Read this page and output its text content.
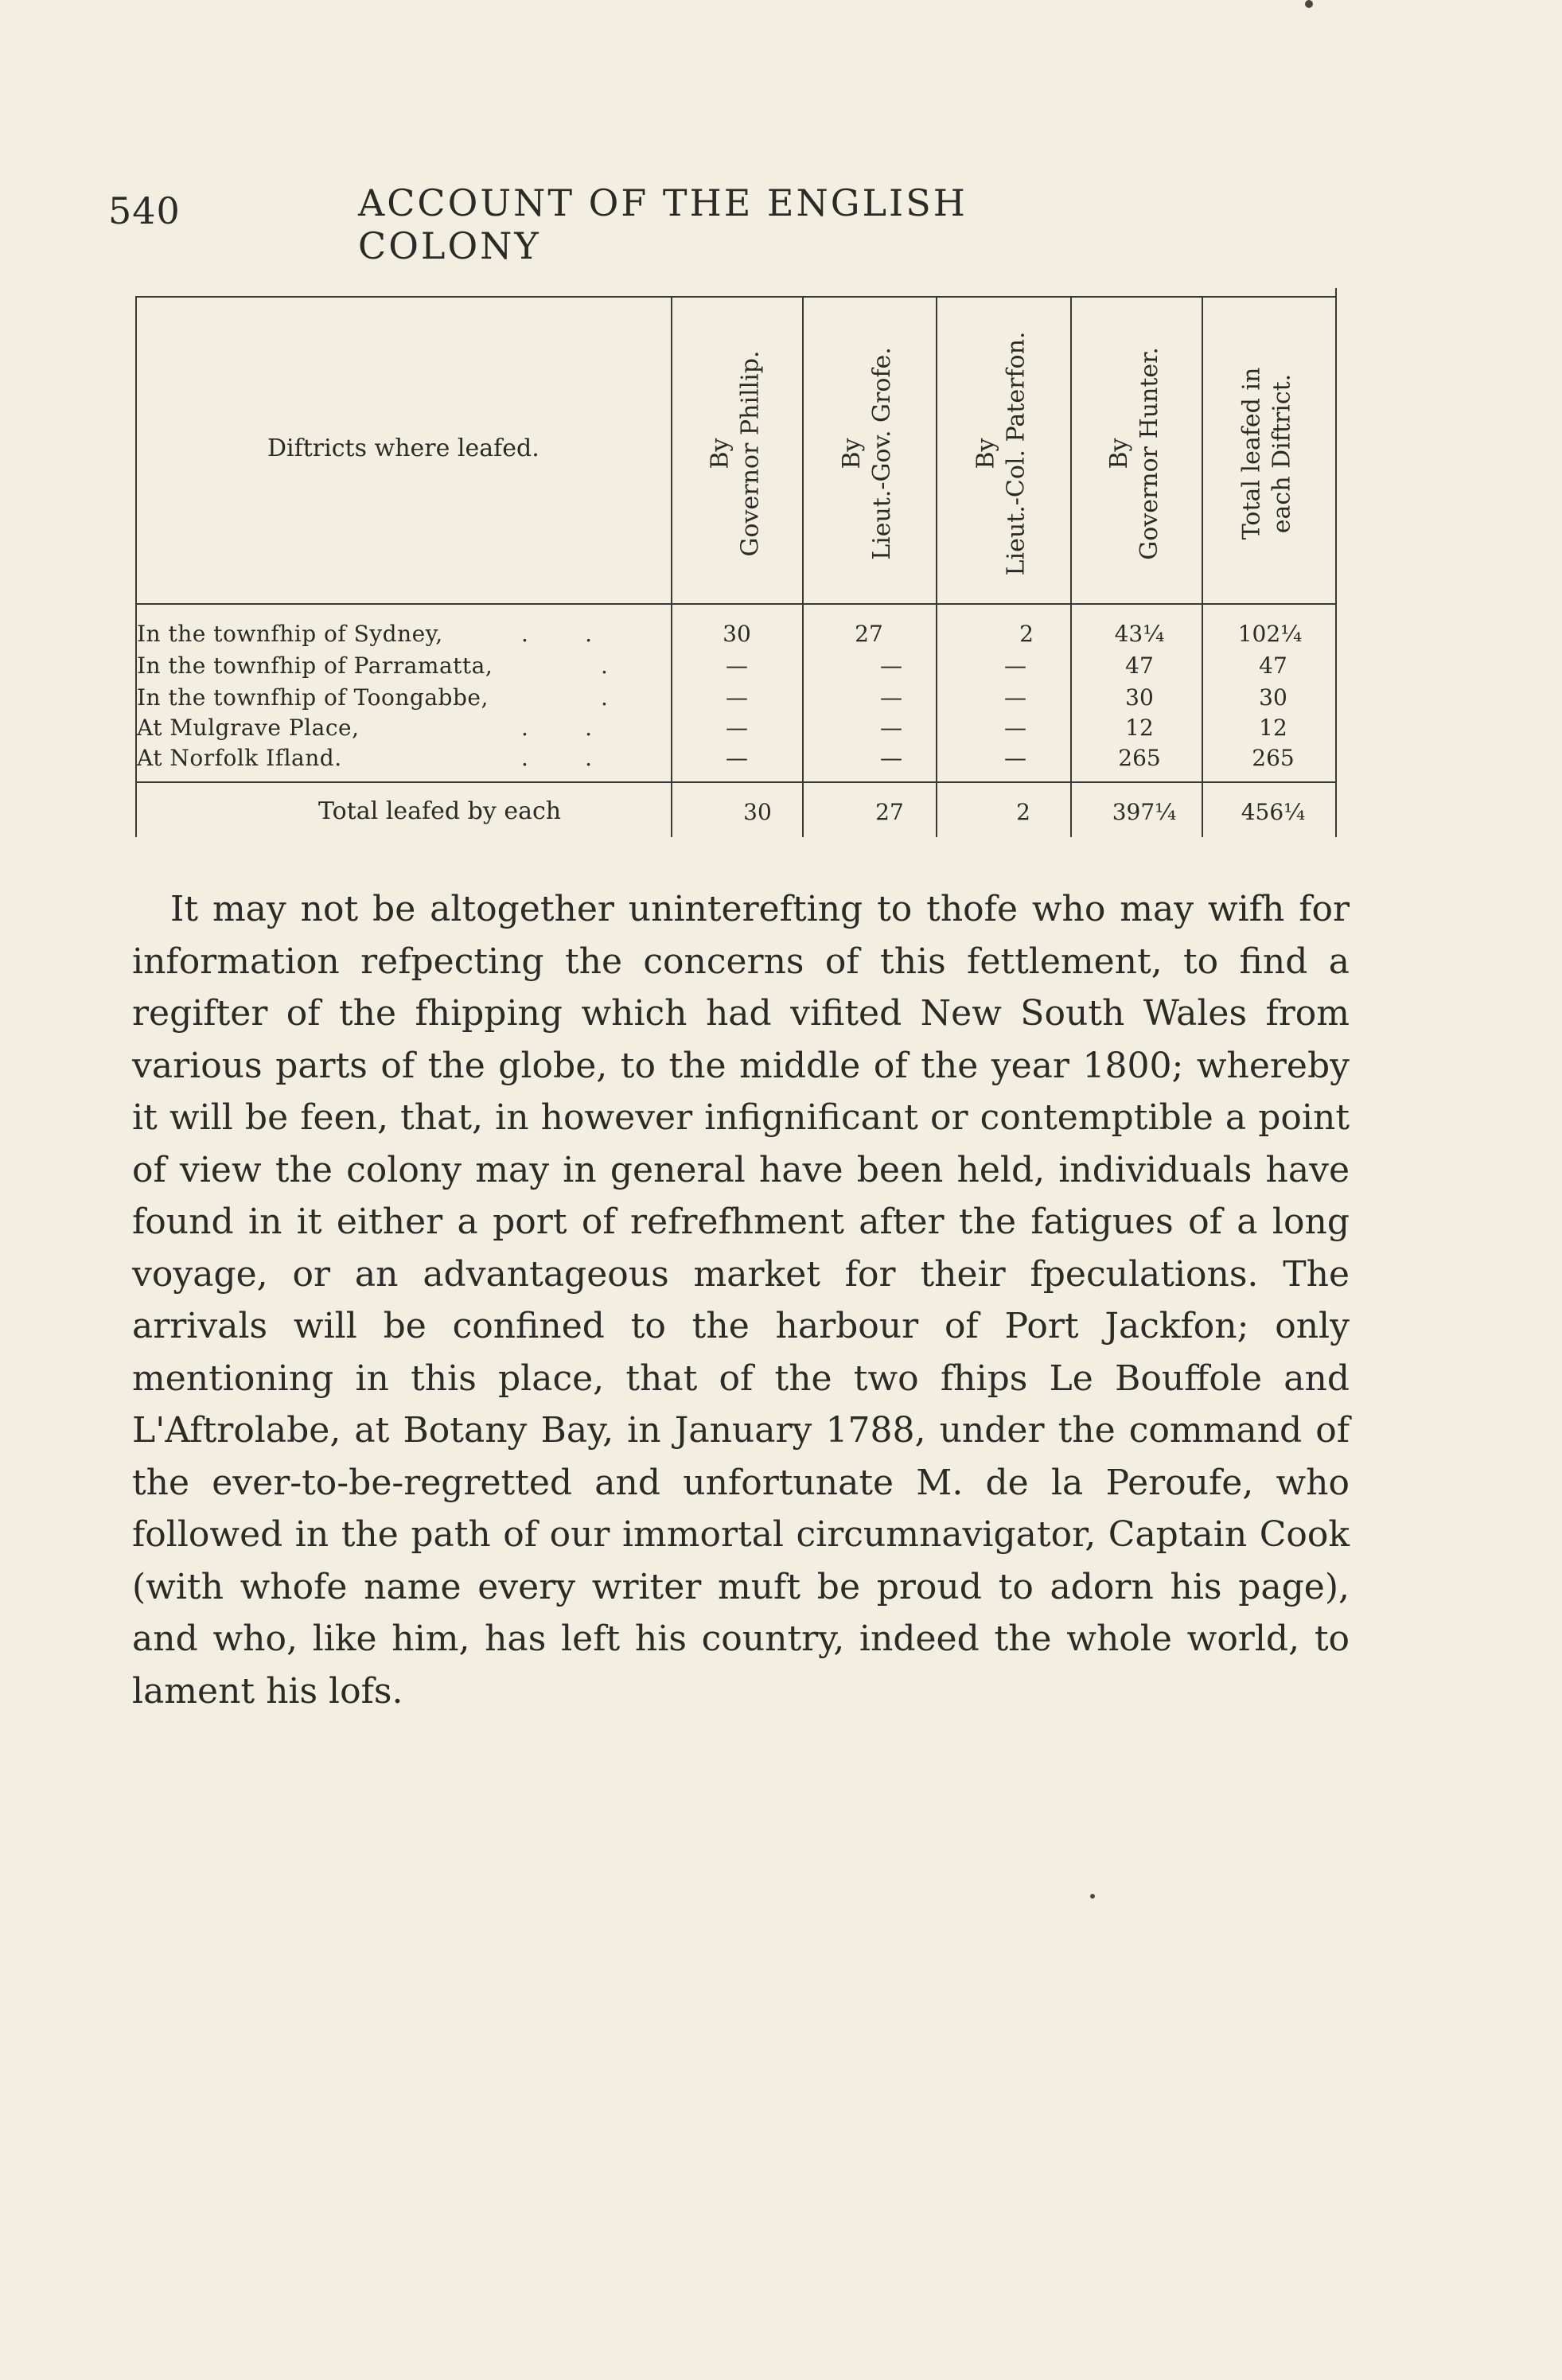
540	ACCOUNT OF THE ENGLISH COLONY
Diftricts where leafed.	By Governor Phillip.	By Lieut.-Gov. Grofe.	By Lieut.-Col. Paterfon.	By Governor Hunter.	Total leafed in each Diftrict.
In the townfhip of Sydney,	.        .	30	27	2	43¼	102¼
In the townfhip of Parramatta,	.	—	—	—	47	47
In the townfhip of Toongabbe,	.	—	—	—	30	30
At Mulgrave Place,	.        .	—	—	—	12	12
At Norfolk Ifland.	.        .	—	—	—	265	265
Total leafed by each	30	27	2	397¼	456¼

It may not be altogether uninterefting to thofe who may wifh for information refpecting the concerns of this fettlement, to find a regifter of the fhipping which had vifited New South Wales from various parts of the globe, to the middle of the year 1800; whereby it will be feen, that, in however infignificant or contemptible a point of view the colony may in general have been held, individuals have found in it either a port of refrefhment after the fatigues of a long voyage, or an advantageous market for their fpeculations. The arrivals will be confined to the harbour of Port Jackfon; only mentioning in this place, that of the two fhips Le Bouffole and L'Aftrolabe, at Botany Bay, in January 1788, under the command of the ever-to-be-regretted and unfortunate M. de la Peroufe, who followed in the path of our immortal circumnavigator, Captain Cook (with whofe name every writer muft be proud to adorn his page), and who, like him, has left his country, indeed the whole world, to lament his lofs.
